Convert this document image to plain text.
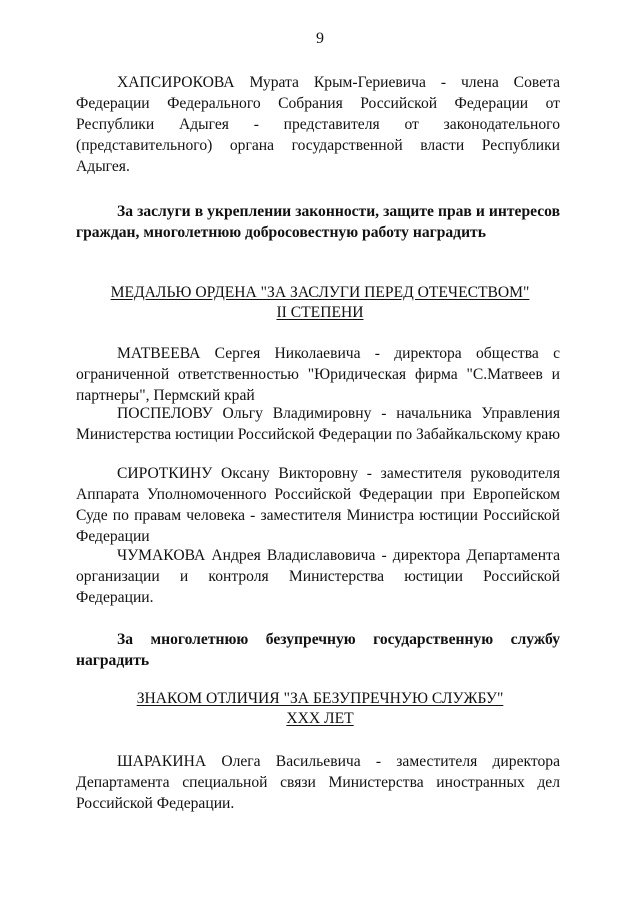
9

ХАПСИРОКОВА Мурата Крым-Гериевича - члена Совета Федерации Федерального Собрания Российской Федерации от Республики Адыгея - представителя от законодательного (представительного) органа государственной власти Республики Адыгея.

За заслуги в укреплении законности, защите прав и интересов граждан, многолетнюю добросовестную работу наградить

МЕДАЛЬЮ ОРДЕНА "ЗА ЗАСЛУГИ ПЕРЕД ОТЕЧЕСТВОМ"
II СТЕПЕНИ

МАТВЕЕВА Сергея Николаевича - директора общества с ограниченной ответственностью "Юридическая фирма "С.Матвеев и партнеры", Пермский край

ПОСПЕЛОВУ Ольгу Владимировну - начальника Управления Министерства юстиции Российской Федерации по Забайкальскому краю

СИРОТКИНУ Оксану Викторовну - заместителя руководителя Аппарата Уполномоченного Российской Федерации при Европейском Суде по правам человека - заместителя Министра юстиции Российской Федерации

ЧУМАКОВА Андрея Владиславовича - директора Департамента организации и контроля Министерства юстиции Российской Федерации.

За многолетнюю безупречную государственную службу наградить

ЗНАКОМ ОТЛИЧИЯ "ЗА БЕЗУПРЕЧНУЮ СЛУЖБУ"
XXX ЛЕТ

ШАРАКИНА Олега Васильевича - заместителя директора Департамента специальной связи Министерства иностранных дел Российской Федерации.
